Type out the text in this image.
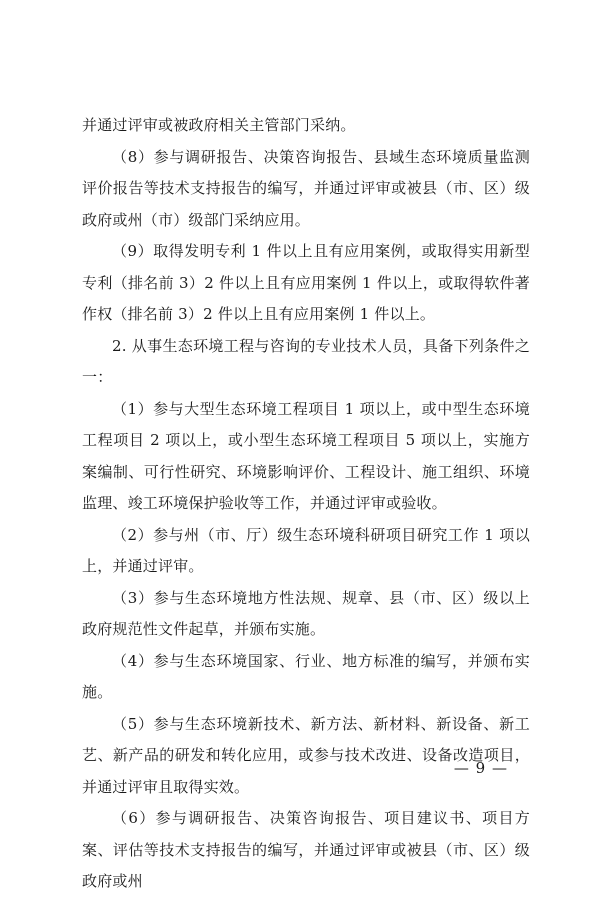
并通过评审或被政府相关主管部门采纳。

（8）参与调研报告、决策咨询报告、县域生态环境质量监测评价报告等技术支持报告的编写，并通过评审或被县（市、区）级政府或州（市）级部门采纳应用。

（9）取得发明专利 1 件以上且有应用案例，或取得实用新型专利（排名前 3）2 件以上且有应用案例 1 件以上，或取得软件著作权（排名前 3）2 件以上且有应用案例 1 件以上。

2. 从事生态环境工程与咨询的专业技术人员，具备下列条件之一：

（1）参与大型生态环境工程项目 1 项以上，或中型生态环境工程项目 2 项以上，或小型生态环境工程项目 5 项以上，实施方案编制、可行性研究、环境影响评价、工程设计、施工组织、环境监理、竣工环境保护验收等工作，并通过评审或验收。

（2）参与州（市、厅）级生态环境科研项目研究工作 1 项以上，并通过评审。

（3）参与生态环境地方性法规、规章、县（市、区）级以上政府规范性文件起草，并颁布实施。

（4）参与生态环境国家、行业、地方标准的编写，并颁布实施。

（5）参与生态环境新技术、新方法、新材料、新设备、新工艺、新产品的研发和转化应用，或参与技术改进、设备改造项目，并通过评审且取得实效。

（6）参与调研报告、决策咨询报告、项目建议书、项目方案、评估等技术支持报告的编写，并通过评审或被县（市、区）级政府或州

— 9 —
